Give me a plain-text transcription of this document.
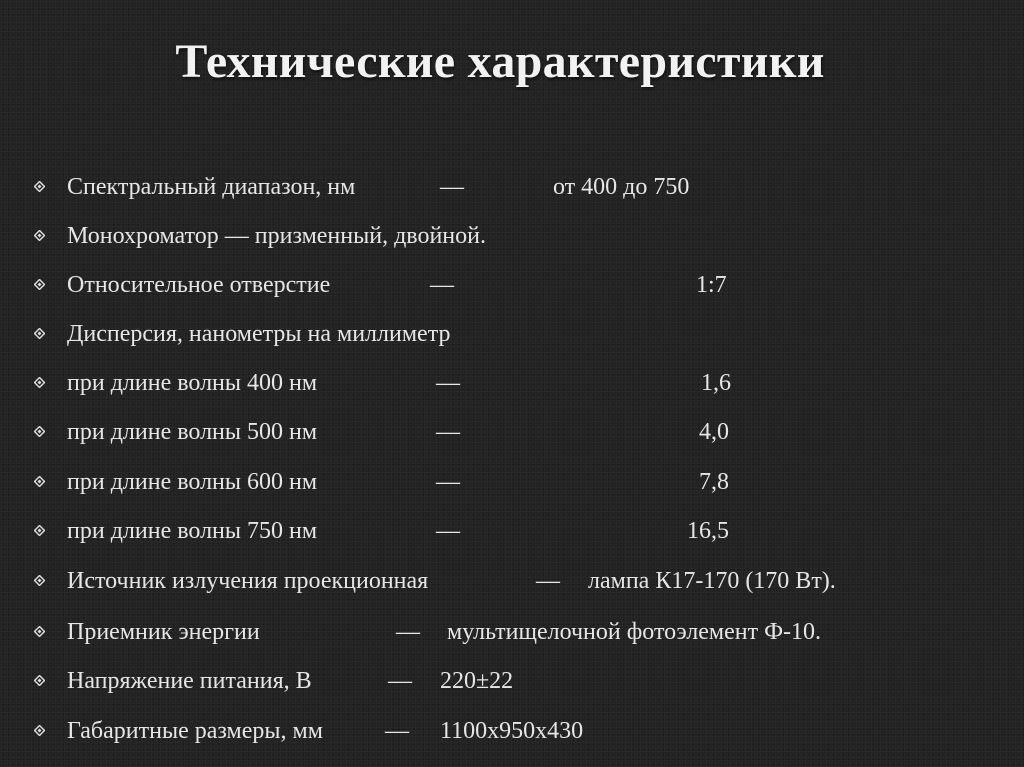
Технические характеристики
Спектральный диапазон, нм	—	от 400 до 750
Монохроматор — призменный, двойной.
Относительное отверстие	—	1:7
Дисперсия, нанометры на миллиметр
при длине волны 400 нм	—	1,6
при длине волны 500 нм	—	4,0
при длине волны 600 нм	—	7,8
при длине волны 750 нм	—	16,5
Источник излучения проекционная	— лампа К17-170 (170 Вт).
Приемник энергии	— мультищелочной фотоэлемент Ф-10.
Напряжение питания, В	— 220±22
Габаритные размеры, мм	— 1100х950х430
